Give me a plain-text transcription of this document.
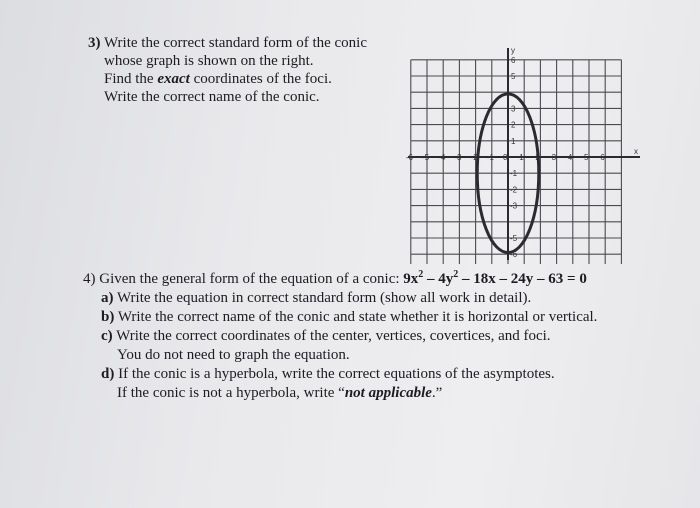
3) Write the correct standard form of the conic
whose graph is shown on the right.
Find the exact coordinates of the foci.
Write the correct name of the conic.
x
y
-6 -5 -4 -3 -2 -1 0 1 2 3 4 5 6
6
5
3
2
1
-1
-2
-3
-5
-6
4) Given the general form of the equation of a conic: $9x^2 - 4y^2 - 18x - 24y - 63 = 0$
a) Write the equation in correct standard form (show all work in detail).
b) Write the correct name of the conic and state whether it is horizontal or vertical.
c) Write the correct coordinates of the center, vertices, covertices, and foci.
You do not need to graph the equation.
d) If the conic is a hyperbola, write the correct equations of the asymptotes.
If the conic is not a hyperbola, write “not applicable.”
